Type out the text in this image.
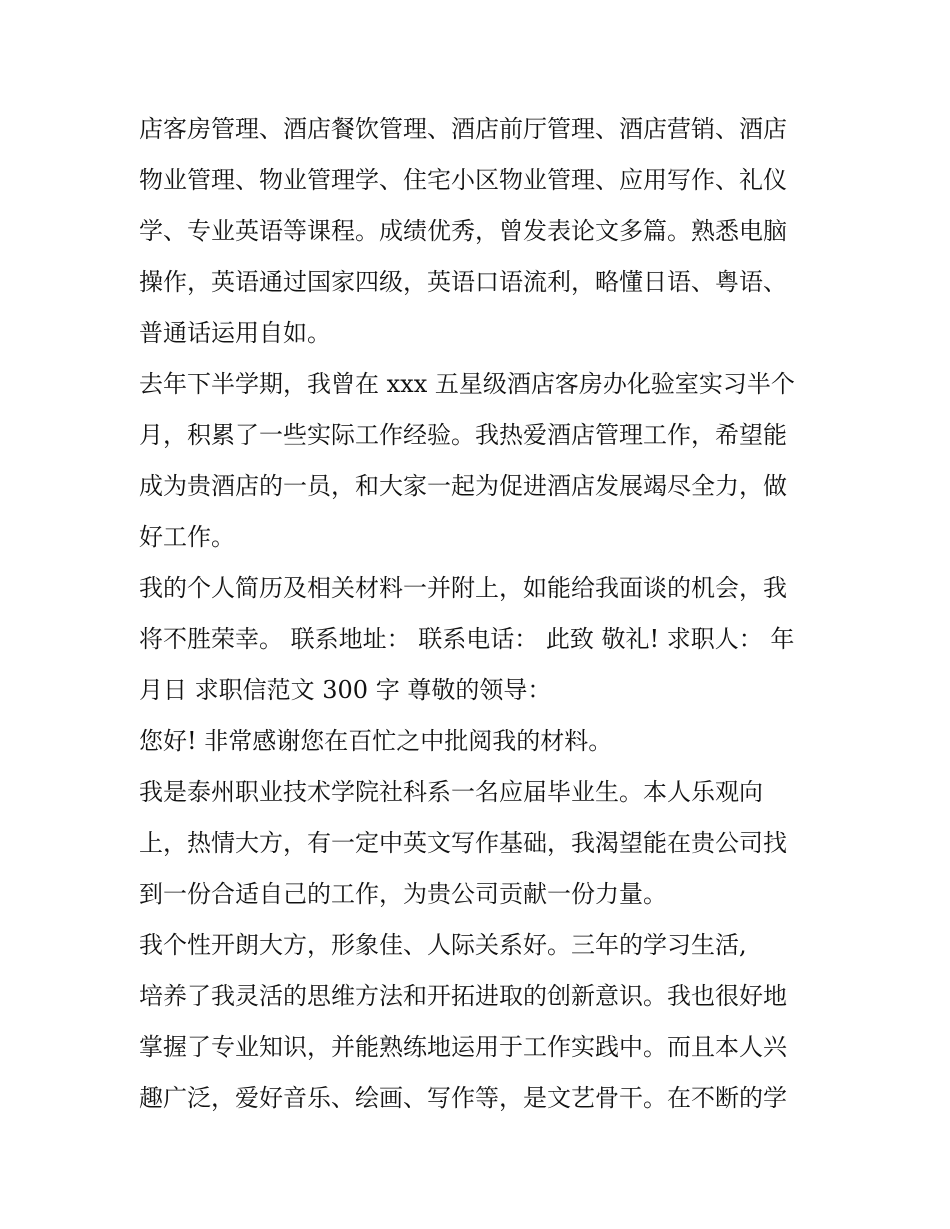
店客房管理、酒店餐饮管理、酒店前厅管理、酒店营销、酒店
物业管理、物业管理学、住宅小区物业管理、应用写作、礼仪
学、专业英语等课程。成绩优秀，曾发表论文多篇。熟悉电脑
操作，英语通过国家四级，英语口语流利，略懂日语、粤语、
普通话运用自如。
去年下半学期，我曾在 xxx 五星级酒店客房办化验室实习半个
月，积累了一些实际工作经验。我热爱酒店管理工作，希望能
成为贵酒店的一员，和大家一起为促进酒店发展竭尽全力，做
好工作。
我的个人简历及相关材料一并附上，如能给我面谈的机会，我
将不胜荣幸。 联系地址： 联系电话： 此致 敬礼! 求职人： 年
月日 求职信范文 300 字 尊敬的领导：
您好! 非常感谢您在百忙之中批阅我的材料。
我是泰州职业技术学院社科系一名应届毕业生。本人乐观向
上，热情大方，有一定中英文写作基础，我渴望能在贵公司找
到一份合适自己的工作，为贵公司贡献一份力量。
我个性开朗大方，形象佳、人际关系好。三年的学习生活,
培养了我灵活的思维方法和开拓进取的创新意识。我也很好地
掌握了专业知识，并能熟练地运用于工作实践中。而且本人兴
趣广泛，爱好音乐、绘画、写作等，是文艺骨干。在不断的学
